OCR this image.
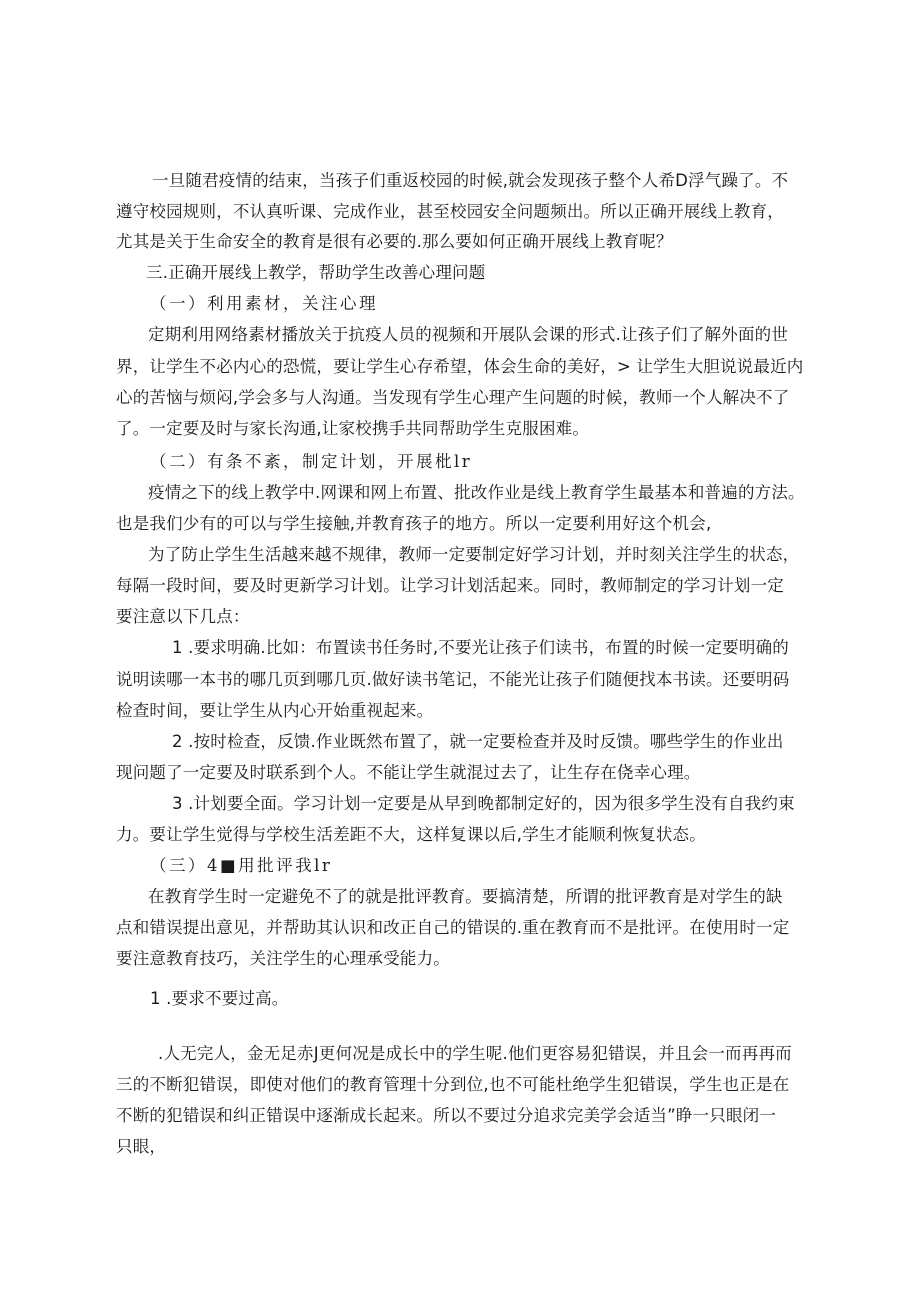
一旦随君疫情的结束，当孩子们重返校园的时候,就会发现孩子整个人希D浮气躁了。不
遵守校园规则，不认真听课、完成作业，甚至校园安全问题频出。所以正确开展线上教育，
尤其是关于生命安全的教育是很有必要的.那么要如何正确开展线上教育呢？
三.正确开展线上教学，帮助学生改善心理问题
（一）利用素材，关注心理
定期利用网络素材播放关于抗疫人员的视频和开展队会课的形式.让孩子们了解外面的世
界，让学生不必内心的恐慌，要让学生心存希望，体会生命的美好，> 让学生大胆说说最近内
心的苦恼与烦闷,学会多与人沟通。当发现有学生心理产生问题的时候，教师一个人解决不了
了。一定要及时与家长沟通,让家校携手共同帮助学生克服困难。
（二）有条不紊，制定计划，开展枇lr
疫情之下的线上教学中.网课和网上布置、批改作业是线上教育学生最基本和普遍的方法。
也是我们少有的可以与学生接触,并教育孩子的地方。所以一定要利用好这个机会,
为了防止学生生活越来越不规律，教师一定要制定好学习计划，并时刻关注学生的状态，
每隔一段时间，要及时更新学习计划。让学习计划活起来。同时，教师制定的学习计划一定
要注意以下几点：
1 .要求明确.比如：布置读书任务时,不要光让孩子们读书，布置的时候一定要明确的
说明读哪一本书的哪几页到哪几页.做好读书笔记，不能光让孩子们随便找本书读。还要明码
检查时间，要让学生从内心开始重视起来。
2 .按时检查，反馈.作业既然布置了，就一定要检查并及时反馈。哪些学生的作业出
现问题了一定要及时联系到个人。不能让学生就混过去了，让生存在侥幸心理。
3 .计划要全面。学习计划一定要是从早到晚都制定好的，因为很多学生没有自我约束
力。要让学生觉得与学校生活差距不大，这样复课以后,学生才能顺利恢复状态。
（三）4■用批评我lr
在教育学生时一定避免不了的就是批评教育。要搞清楚，所谓的批评教育是对学生的缺
点和错误提出意见，并帮助其认识和改正自己的错误的.重在教育而不是批评。在使用时一定
要注意教育技巧，关注学生的心理承受能力。
1 .要求不要过高。
.人无完人，金无足赤J更何况是成长中的学生呢.他们更容易犯错误，并且会一而再再而
三的不断犯错误，即使对他们的教育管理十分到位,也不可能杜绝学生犯错误，学生也正是在
不断的犯错误和纠正错误中逐渐成长起来。所以不要过分追求完美学会适当”睁一只眼闭一
只眼，
